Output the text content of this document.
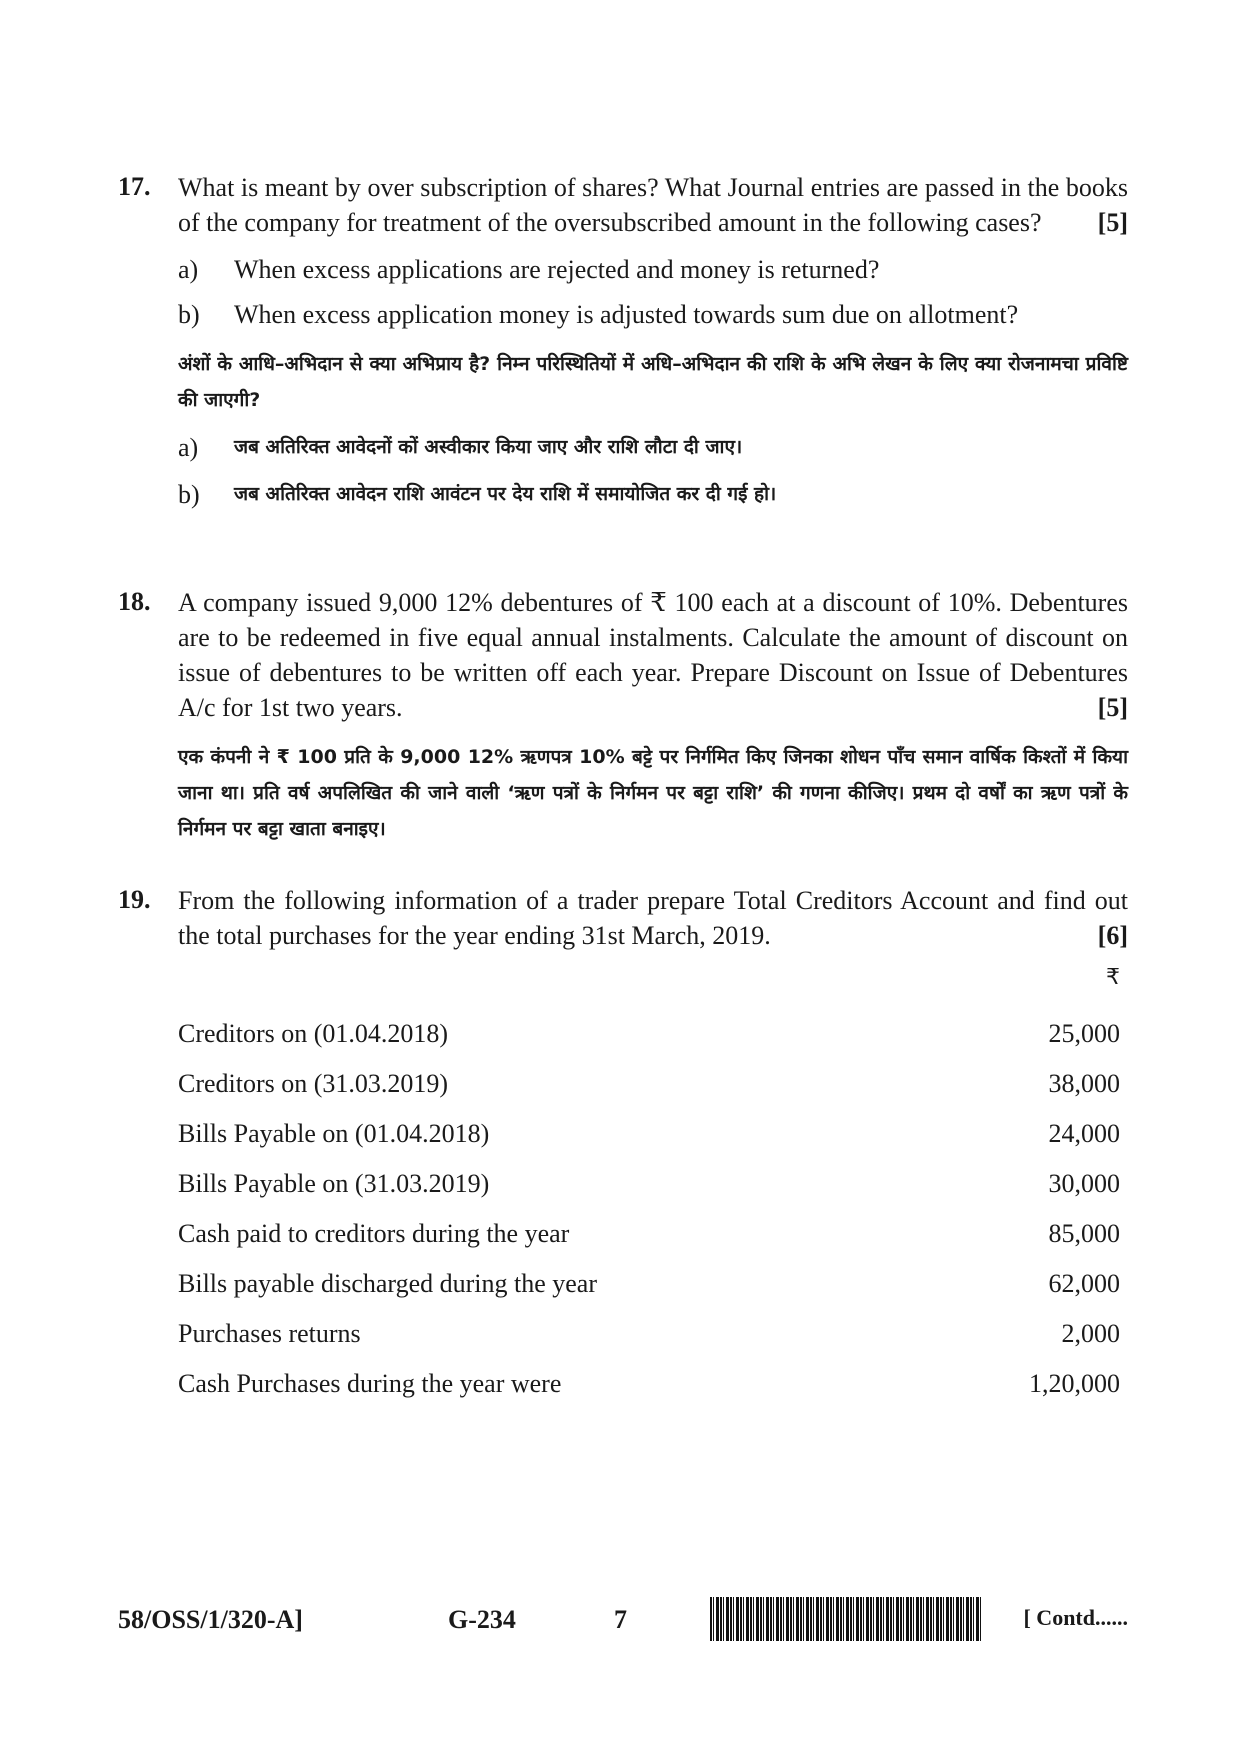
17. What is meant by over subscription of shares? What Journal entries are passed in the books of the company for treatment of the oversubscribed amount in the following cases? [5]
a)	When excess applications are rejected and money is returned?
b)	When excess application money is adjusted towards sum due on allotment?
अंशों के आधि–अभिदान से क्या अभिप्राय है? निम्न परिस्थितियों में अधि–अभिदान की राशि के अभि लेखन के लिए क्या रोजनामचा प्रविष्टि की जाएगी?
a)	जब अतिरिक्त आवेदनों कों अस्वीकार किया जाए और राशि लौटा दी जाए।
b)	जब अतिरिक्त आवेदन राशि आवंटन पर देय राशि में समायोजित कर दी गई हो।
18. A company issued 9,000 12% debentures of ₹ 100 each at a discount of 10%. Debentures are to be redeemed in five equal annual instalments. Calculate the amount of discount on issue of debentures to be written off each year. Prepare Discount on Issue of Debentures A/c for 1st two years.	[5]
एक कंपनी ने ₹ 100 प्रति के 9,000 12% ऋणपत्र 10% बट्टे पर निर्गमित किए जिनका शोधन पाँच समान वार्षिक किश्तों में किया जाना था। प्रति वर्ष अपलिखित की जाने वाली ‘ऋण पत्रों के निर्गमन पर बट्टा राशि’ की गणना कीजिए। प्रथम दो वर्षों का ऋण पत्रों के निर्गमन पर बट्टा खाता बनाइए।
19. From the following information of a trader prepare Total Creditors Account and find out the total purchases for the year ending 31st March, 2019.	[6]
₹
Creditors on (01.04.2018)	25,000
Creditors on (31.03.2019)	38,000
Bills Payable on (01.04.2018)	24,000
Bills Payable on (31.03.2019)	30,000
Cash paid to creditors during the year	85,000
Bills payable discharged during the year	62,000
Purchases returns	2,000
Cash Purchases during the year were	1,20,000
58/OSS/1/320-A]	G-234	7	[ Contd......
